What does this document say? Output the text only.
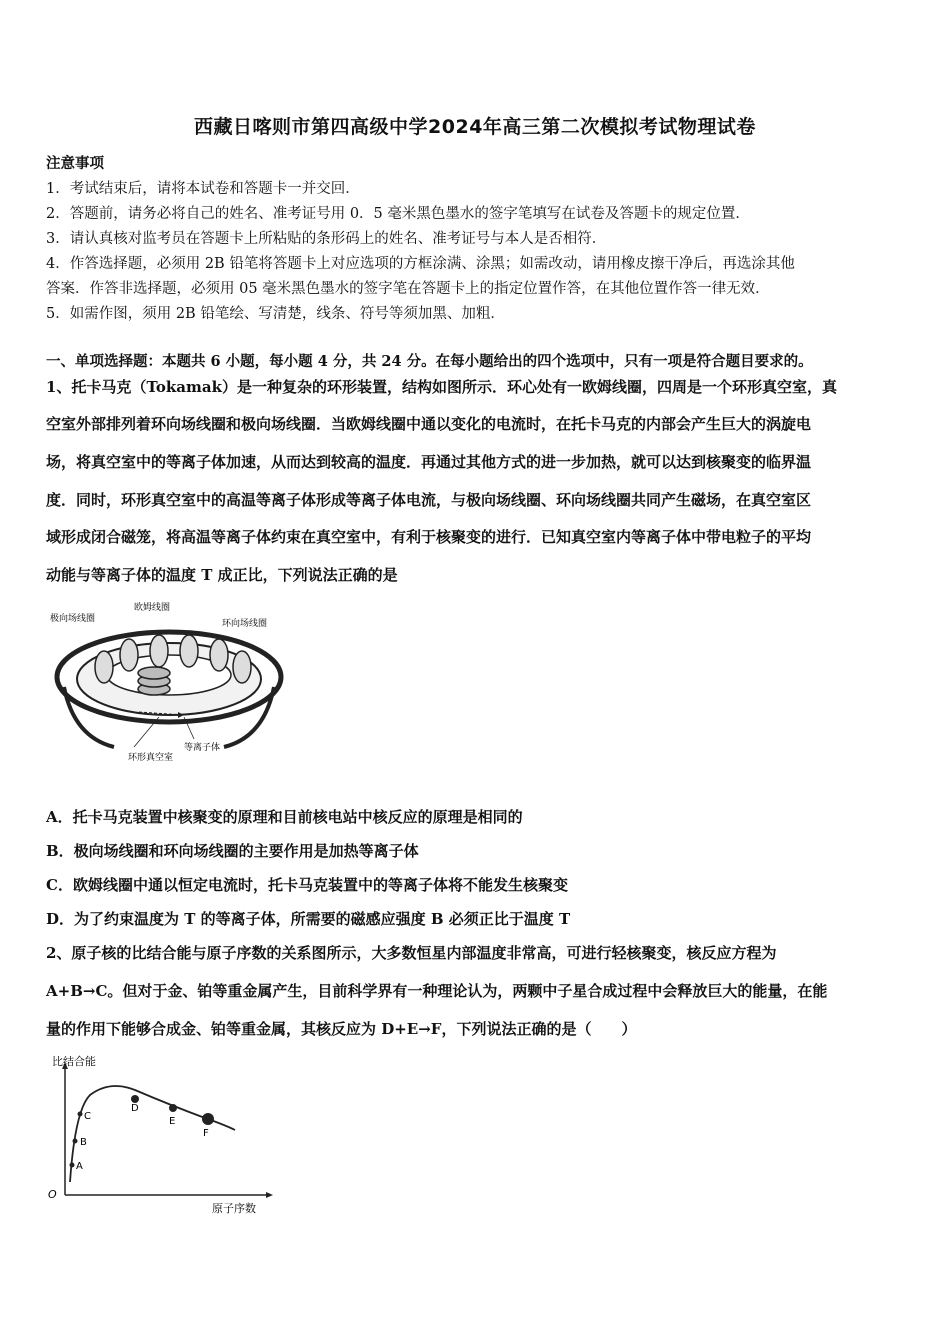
西藏日喀则市第四高级中学2024年高三第二次模拟考试物理试卷
注意事项
1．考试结束后，请将本试卷和答题卡一并交回．
2．答题前，请务必将自己的姓名、准考证号用 0．5 毫米黑色墨水的签字笔填写在试卷及答题卡的规定位置．
3．请认真核对监考员在答题卡上所粘贴的条形码上的姓名、准考证号与本人是否相符．
4．作答选择题，必须用 2B 铅笔将答题卡上对应选项的方框涂满、涂黑；如需改动，请用橡皮擦干净后，再选涂其他
答案．作答非选择题，必须用 05 毫米黑色墨水的签字笔在答题卡上的指定位置作答，在其他位置作答一律无效．
5．如需作图，须用 2B 铅笔绘、写清楚，线条、符号等须加黑、加粗．
一、单项选择题：本题共 6 小题，每小题 4 分，共 24 分。在每小题给出的四个选项中，只有一项是符合题目要求的。
1、托卡马克（Tokamak）是一种复杂的环形装置，结构如图所示．环心处有一欧姆线圈，四周是一个环形真空室，真
空室外部排列着环向场线圈和极向场线圈．当欧姆线圈中通以变化的电流时，在托卡马克的内部会产生巨大的涡旋电
场，将真空室中的等离子体加速，从而达到较高的温度．再通过其他方式的进一步加热，就可以达到核聚变的临界温
度．同时，环形真空室中的高温等离子体形成等离子体电流，与极向场线圈、环向场线圈共同产生磁场，在真空室区
域形成闭合磁笼，将高温等离子体约束在真空室中，有利于核聚变的进行．已知真空室内等离子体中带电粒子的平均
动能与等离子体的温度 T 成正比，下列说法正确的是
极向场线圈
欧姆线圈
环向场线圈
等离子体
环形真空室
A．托卡马克装置中核聚变的原理和目前核电站中核反应的原理是相同的
B．极向场线圈和环向场线圈的主要作用是加热等离子体
C．欧姆线圈中通以恒定电流时，托卡马克装置中的等离子体将不能发生核聚变
D．为了约束温度为 T 的等离子体，所需要的磁感应强度 B 必须正比于温度 T
2、原子核的比结合能与原子序数的关系图所示，大多数恒星内部温度非常高，可进行轻核聚变，核反应方程为
A+B→C。但对于金、铂等重金属产生，目前科学界有一种理论认为，两颗中子星合成过程中会释放巨大的能量，在能
量的作用下能够合成金、铂等重金属，其核反应为 D+E→F，下列说法正确的是（　　）
A
B
C
D
E
F
比结合能
O
原子序数
